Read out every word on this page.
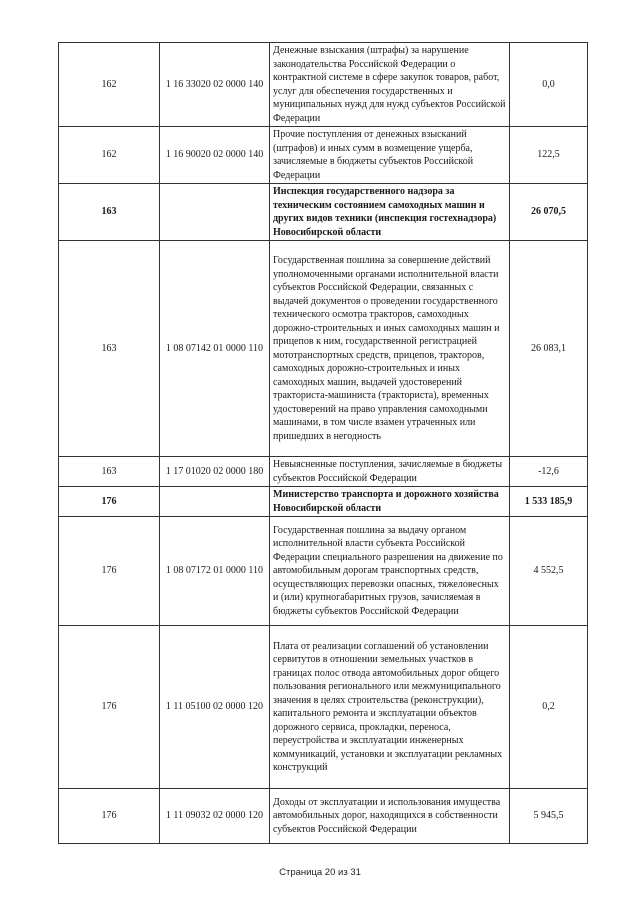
162	1 16 33020 02 0000 140	Денежные взыскания (штрафы) за нарушение законодательства Российской Федерации о контрактной системе в сфере закупок товаров, работ, услуг для обеспечения государственных и муниципальных нужд для нужд субъектов Российской Федерации	0,0
162	1 16 90020 02 0000 140	Прочие поступления от денежных взысканий (штрафов) и иных сумм в возмещение ущерба, зачисляемые в бюджеты субъектов Российской Федерации	122,5
163		Инспекция государственного надзора за техническим состоянием самоходных машин и других видов техники (инспекция гостехнадзора) Новосибирской области	26 070,5
163	1 08 07142 01 0000 110	Государственная пошлина за совершение действий уполномоченными органами исполнительной власти субъектов Российской Федерации, связанных с выдачей документов о проведении государственного технического осмотра тракторов, самоходных дорожно-строительных и иных самоходных машин и прицепов к ним, государственной регистрацией мототранспортных средств, прицепов, тракторов, самоходных дорожно-строительных и иных самоходных машин, выдачей удостоверений тракториста-машиниста (тракториста), временных удостоверений на право управления самоходными машинами, в том числе взамен утраченных или пришедших в негодность	26 083,1
163	1 17 01020 02 0000 180	Невыясненные поступления, зачисляемые в бюджеты субъектов Российской Федерации	-12,6
176		Министерство транспорта и дорожного хозяйства Новосибирской области	1 533 185,9
176	1 08 07172 01 0000 110	Государственная пошлина за выдачу органом исполнительной власти субъекта Российской Федерации специального разрешения на движение по автомобильным дорогам транспортных средств, осуществляющих перевозки опасных, тяжеловесных и (или) крупногабаритных грузов, зачисляемая в бюджеты субъектов Российской Федерации	4 552,5
176	1 11 05100 02 0000 120	Плата от реализации соглашений об установлении сервитутов в отношении земельных участков в границах полос отвода автомобильных дорог общего пользования регионального или межмуниципального значения в целях строительства (реконструкции), капитального ремонта и эксплуатации объектов дорожного сервиса, прокладки, переноса, переустройства и эксплуатации инженерных коммуникаций, установки и эксплуатации рекламных конструкций	0,2
176	1 11 09032 02 0000 120	Доходы от эксплуатации и использования имущества автомобильных дорог, находящихся в собственности субъектов Российской Федерации	5 945,5
Страница 20 из 31
